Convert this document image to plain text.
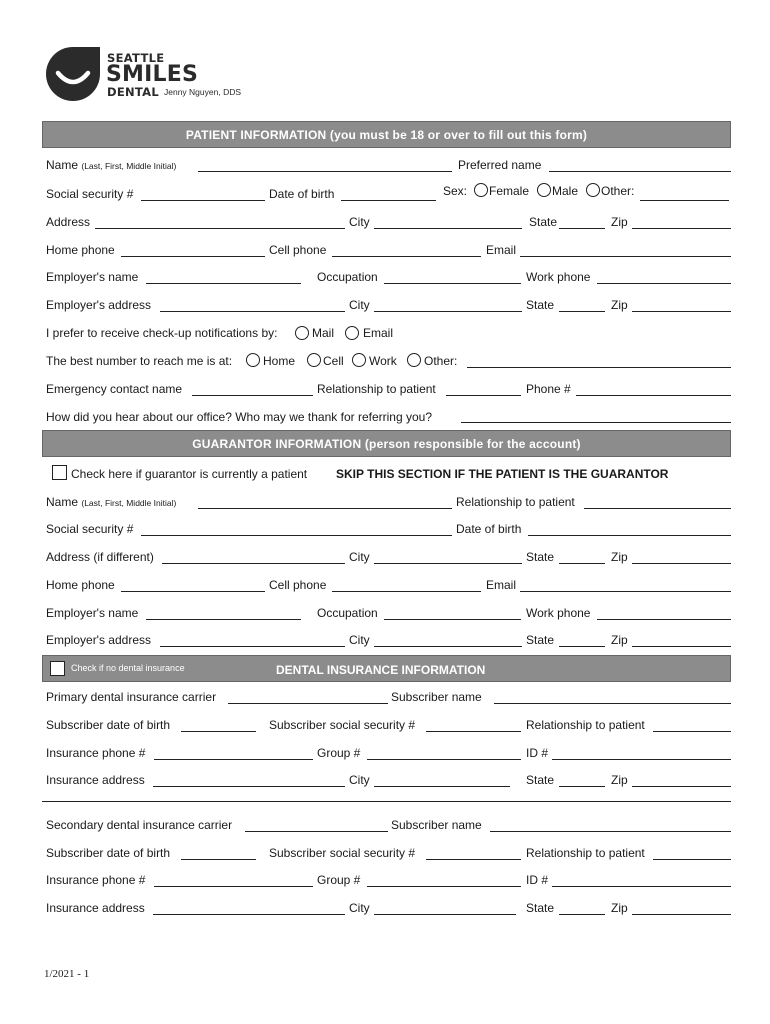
SEATTLE
SMILES
DENTAL Jenny Nguyen, DDS
PATIENT INFORMATION (you must be 18 or over to fill out this form)
Name (Last, First, Middle Initial)	Preferred name
Social security #	Date of birth	Sex: Female Male Other:
Address	City	State	Zip
Home phone	Cell phone	Email
Employer's name	Occupation	Work phone
Employer's address	City	State	Zip
I prefer to receive check-up notifications by:	Mail Email
The best number to reach me is at:	Home Cell Work Other:
Emergency contact name	Relationship to patient	Phone #
How did you hear about our office? Who may we thank for referring you?
GUARANTOR INFORMATION (person responsible for the account)
Check here if guarantor is currently a patient SKIP THIS SECTION IF THE PATIENT IS THE GUARANTOR
Name (Last, First, Middle Initial)	Relationship to patient
Social security #	Date of birth
Address (if different)	City	State	Zip
Home phone	Cell phone	Email
Employer's name	Occupation	Work phone
Employer's address	City	State	Zip
Check if no dental insurance	DENTAL INSURANCE INFORMATION
Primary dental insurance carrier	Subscriber name
Subscriber date of birth	Subscriber social security #	Relationship to patient
Insurance phone #	Group #	ID #
Insurance address	City	State	Zip
Secondary dental insurance carrier	Subscriber name
Subscriber date of birth	Subscriber social security #	Relationship to patient
Insurance phone #	Group #	ID #
Insurance address	City	State	Zip
1/2021 - 1
